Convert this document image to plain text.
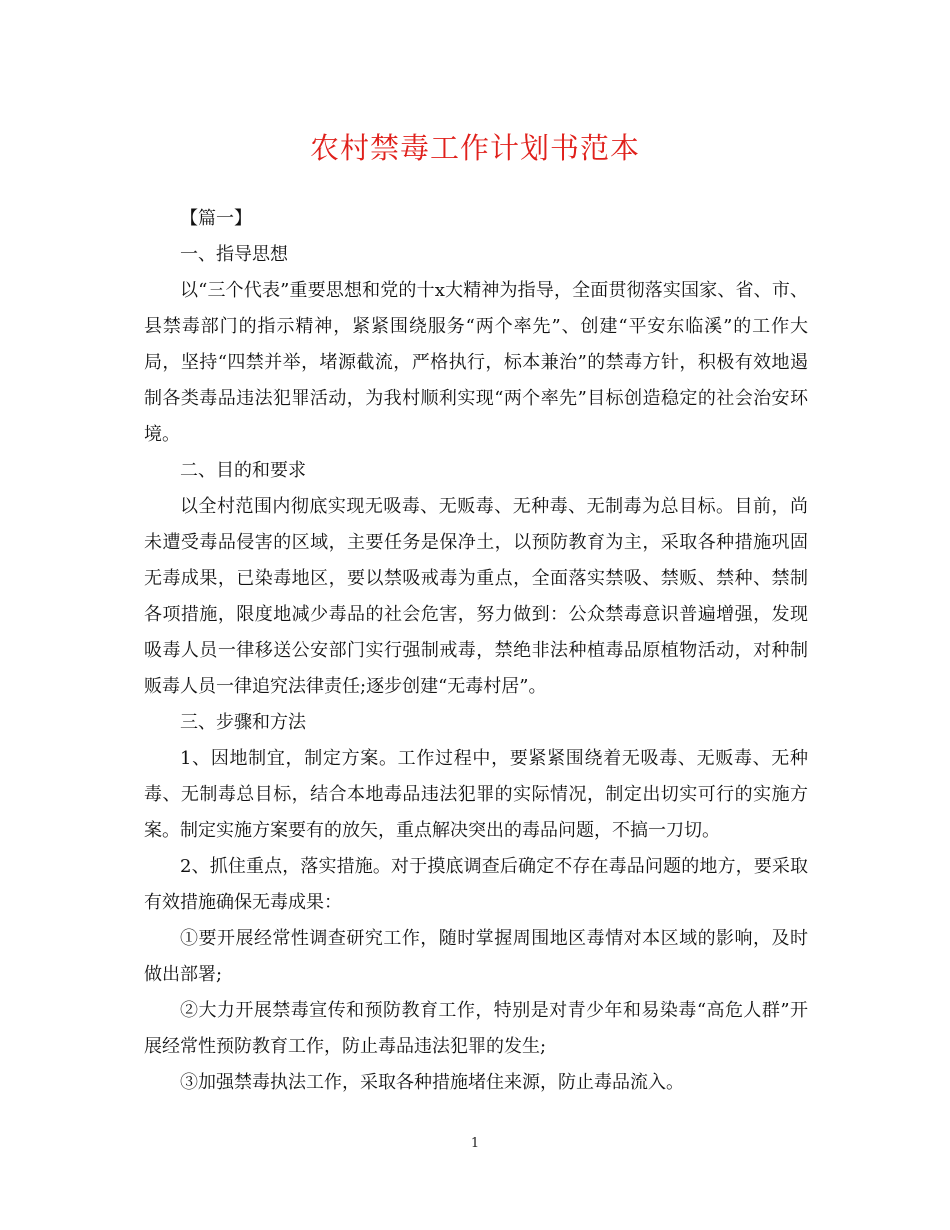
农村禁毒工作计划书范本

【篇一】

一、指导思想

以“三个代表”重要思想和党的十x大精神为指导，全面贯彻落实国家、省、市、县禁毒部门的指示精神，紧紧围绕服务“两个率先”、创建“平安东临溪”的工作大局，坚持“四禁并举，堵源截流，严格执行，标本兼治”的禁毒方针，积极有效地遏制各类毒品违法犯罪活动，为我村顺利实现“两个率先”目标创造稳定的社会治安环境。

二、目的和要求

以全村范围内彻底实现无吸毒、无贩毒、无种毒、无制毒为总目标。目前，尚未遭受毒品侵害的区域，主要任务是保净土，以预防教育为主，采取各种措施巩固无毒成果，已染毒地区，要以禁吸戒毒为重点，全面落实禁吸、禁贩、禁种、禁制各项措施，限度地减少毒品的社会危害，努力做到：公众禁毒意识普遍增强，发现吸毒人员一律移送公安部门实行强制戒毒，禁绝非法种植毒品原植物活动，对种制贩毒人员一律追究法律责任;逐步创建“无毒村居”。

三、步骤和方法

1、因地制宜，制定方案。工作过程中，要紧紧围绕着无吸毒、无贩毒、无种毒、无制毒总目标，结合本地毒品违法犯罪的实际情况，制定出切实可行的实施方案。制定实施方案要有的放矢，重点解决突出的毒品问题，不搞一刀切。

2、抓住重点，落实措施。对于摸底调查后确定不存在毒品问题的地方，要采取有效措施确保无毒成果：

①要开展经常性调查研究工作，随时掌握周围地区毒情对本区域的影响，及时做出部署;

②大力开展禁毒宣传和预防教育工作，特别是对青少年和易染毒“高危人群”开展经常性预防教育工作，防止毒品违法犯罪的发生;

③加强禁毒执法工作，采取各种措施堵住来源，防止毒品流入。

1
